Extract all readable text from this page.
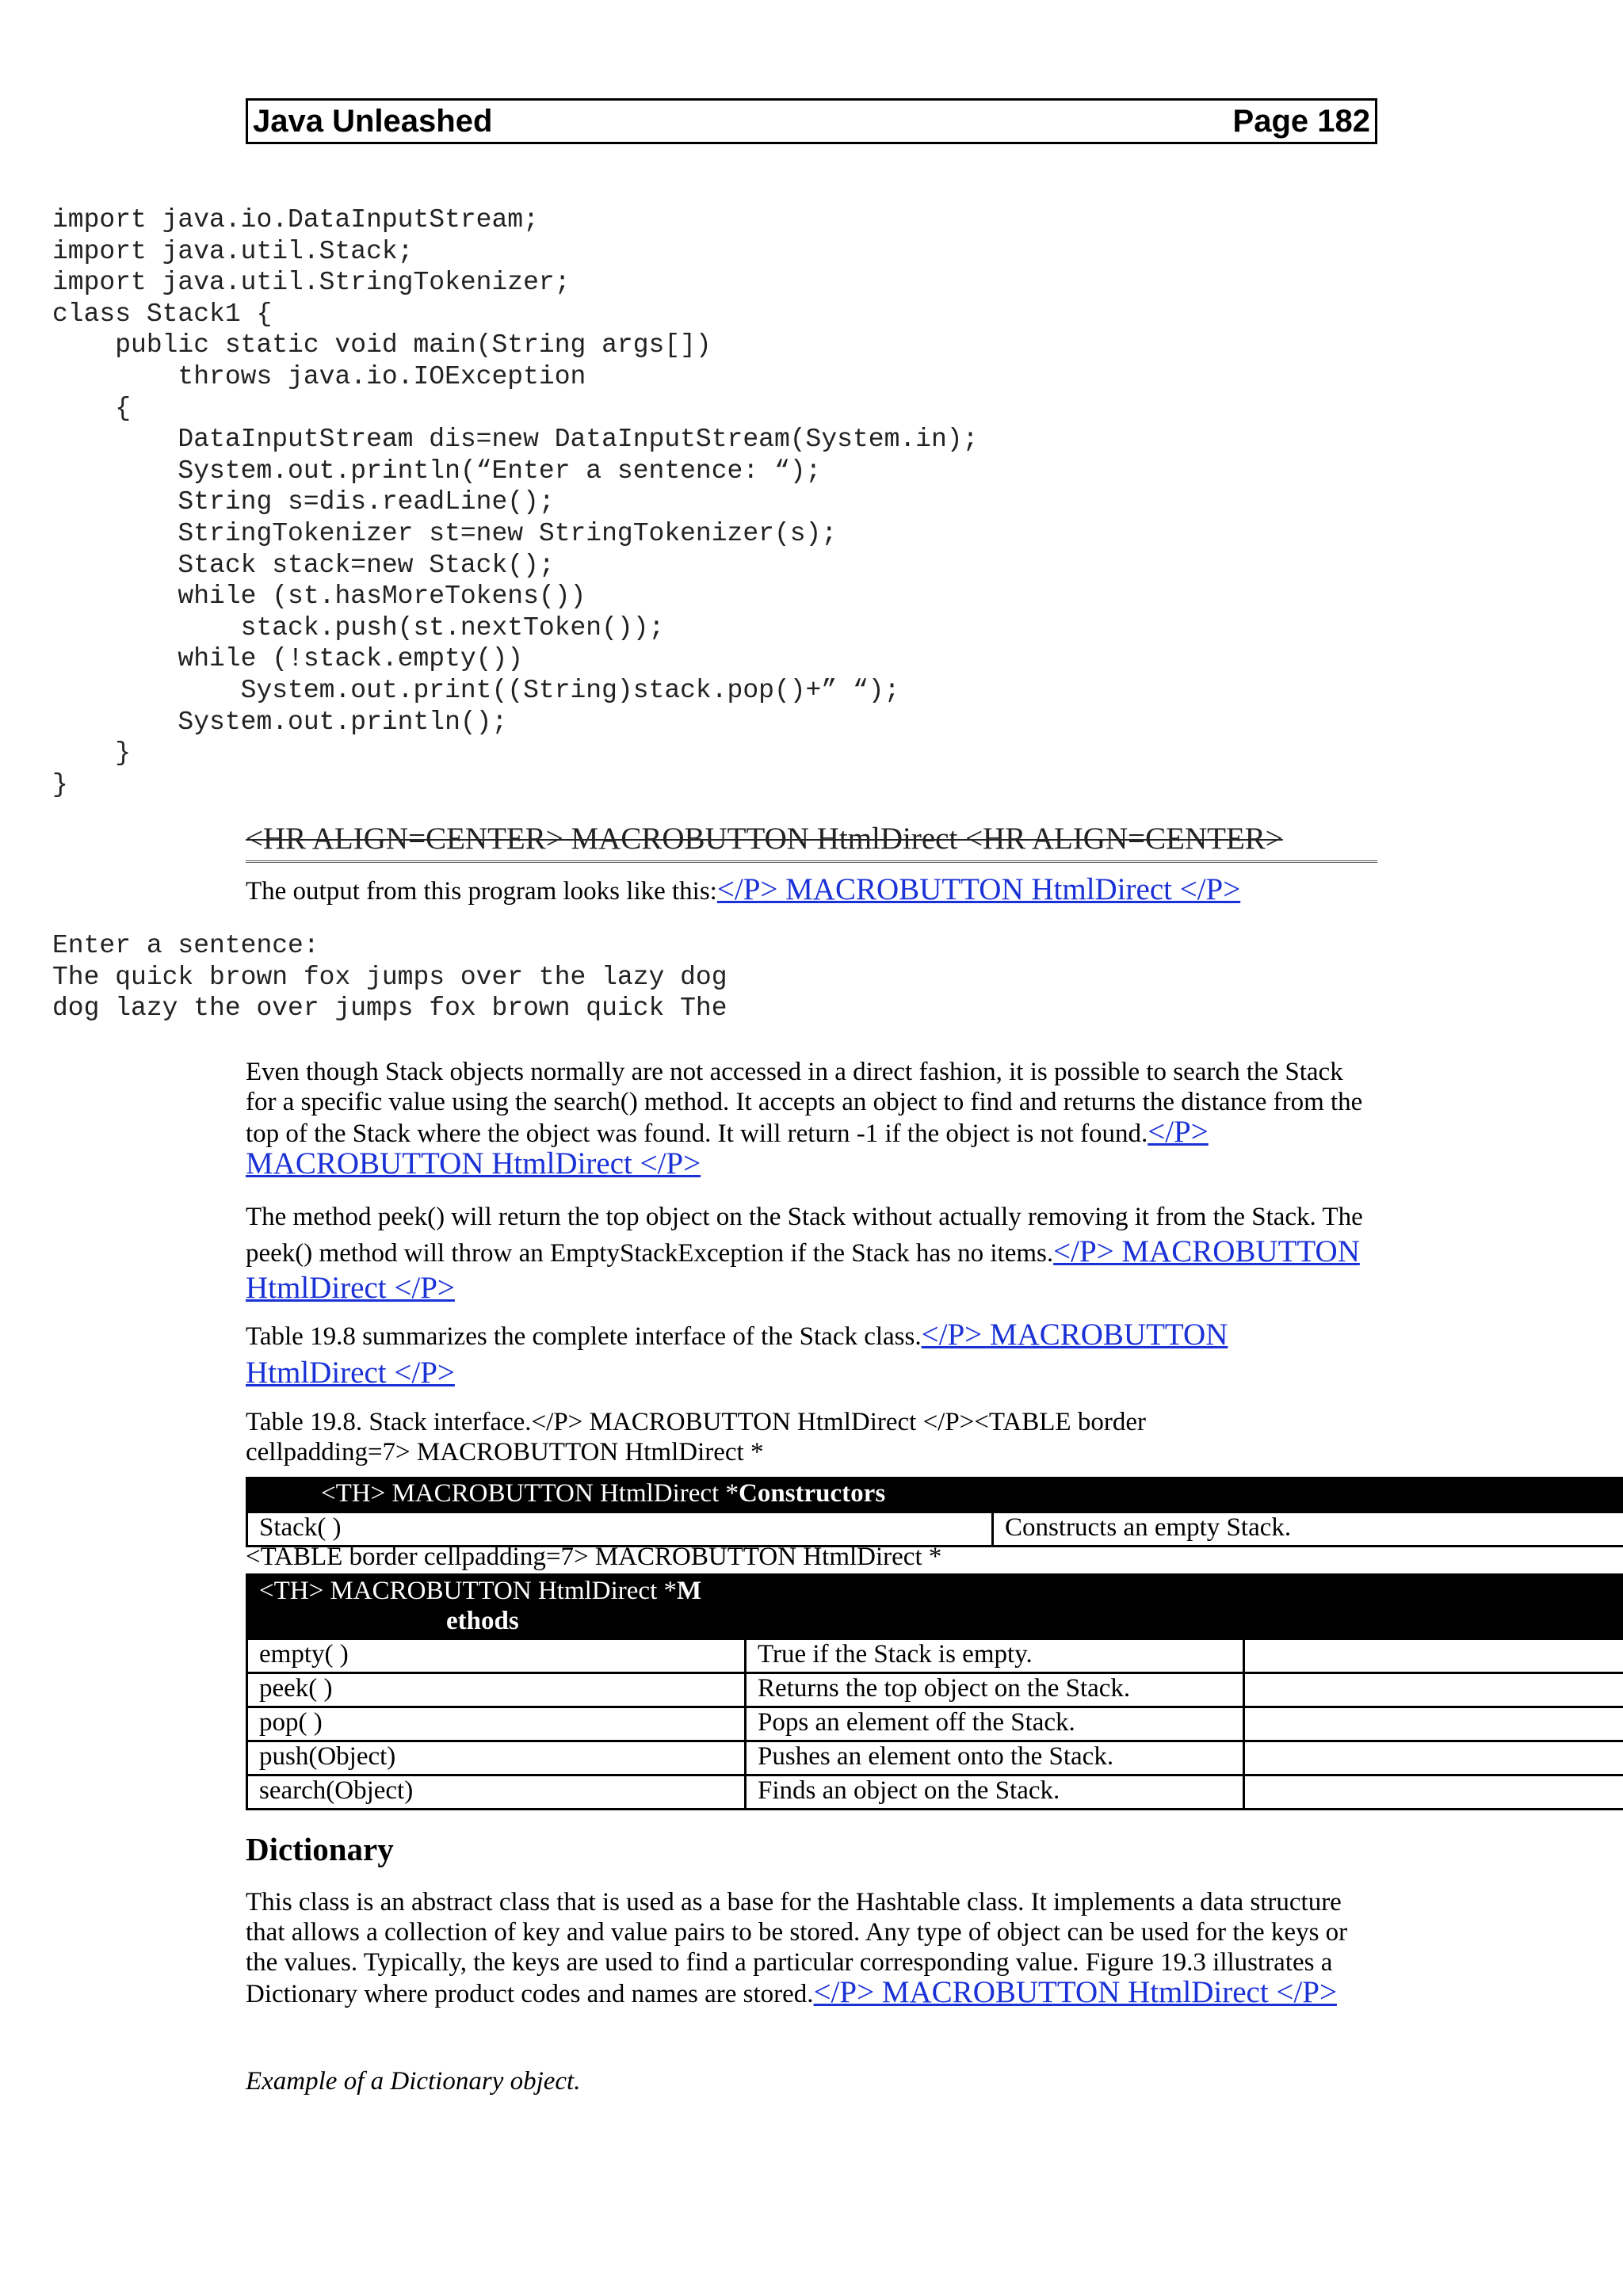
Java Unleashed	Page 182
import java.io.DataInputStream;
import java.util.Stack;
import java.util.StringTokenizer;
class Stack1 {
public static void main(String args[])
throws java.io.IOException
{
DataInputStream dis=new DataInputStream(System.in);
System.out.println(“Enter a sentence: “);
String s=dis.readLine();
StringTokenizer st=new StringTokenizer(s);
Stack stack=new Stack();
while (st.hasMoreTokens())
stack.push(st.nextToken());
while (!stack.empty())
System.out.print((String)stack.pop()+” “);
System.out.println();
}
}
<HR ALIGN=CENTER> MACROBUTTON HtmlDirect <HR ALIGN=CENTER>

The output from this program looks like this:</P> MACROBUTTON HtmlDirect </P>

Enter a sentence:
The quick brown fox jumps over the lazy dog
dog lazy the over jumps fox brown quick The

Even though Stack objects normally are not accessed in a direct fashion, it is possible to search the Stack for a specific value using the search() method. It accepts an object to find and returns the distance from the top of the Stack where the object was found. It will return -1 if the object is not found.</P> MACROBUTTON HtmlDirect </P>

The method peek() will return the top object on the Stack without actually removing it from the Stack. The peek() method will throw an EmptyStackException if the Stack has no items.</P> MACROBUTTON HtmlDirect </P>

Table 19.8 summarizes the complete interface of the Stack class.</P> MACROBUTTON HtmlDirect </P>

Table 19.8. Stack interface.</P> MACROBUTTON HtmlDirect </P><TABLE border cellpadding=7> MACROBUTTON HtmlDirect *

<TH> MACROBUTTON HtmlDirect *Constructors
Stack( )	Constructs an empty Stack.

<TABLE border cellpadding=7> MACROBUTTON HtmlDirect *

<TH> MACROBUTTON HtmlDirect *M
ethods		
empty( )	True if the Stack is empty.	
peek( )	Returns the top object on the Stack.	
pop( )	Pops an element off the Stack.	
push(Object)	Pushes an element onto the Stack.	
search(Object)	Finds an object on the Stack.	
Dictionary

This class is an abstract class that is used as a base for the Hashtable class. It implements a data structure that allows a collection of key and value pairs to be stored. Any type of object can be used for the keys or the values. Typically, the keys are used to find a particular corresponding value. Figure 19.3 illustrates a Dictionary where product codes and names are stored.</P> MACROBUTTON HtmlDirect </P>

Example of a Dictionary object.
